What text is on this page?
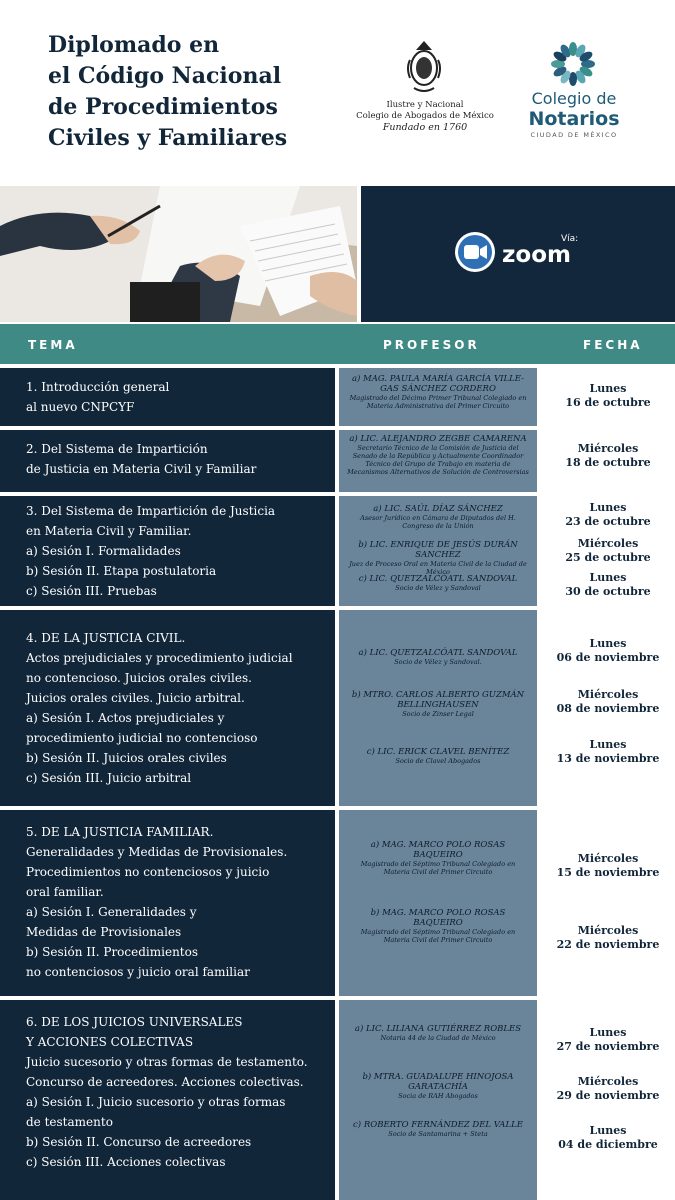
Diplomado en
el Código Nacional
de Procedimientos
Civiles y Familiares
Ilustre y Nacional
Colegio de Abogados de México
Fundado en 1760
Colegio de
Notarios
CIUDAD DE MÉXICO
Vía:
zoom
TEMA	PROFESOR	FECHA
1. Introducción general
al nuevo CNPCYF
a) MAG. PAULA MARÍA GARCÍA VILLE-GAS SÁNCHEZ CORDERO
Magistrado del Décimo Primer Tribunal Colegiado en Materia Administrativa del Primer Circuito
Lunes
16 de octubre
2. Del Sistema de Impartición
de Justicia en Materia Civil y Familiar
a) LIC. ALEJANDRO ZEGBE CAMARENA
Secretario Técnico de la Comisión de Justicia del Senado de la República y Actualmente Coordinador Técnico del Grupo de Trabajo en materia de Mecanismos Alternativos de Solución de Controversias
Miércoles
18 de octubre
3. Del Sistema de Impartición de Justicia
en Materia Civil y Familiar.
a) Sesión I. Formalidades
b) Sesión II. Etapa postulatoria
c) Sesión III. Pruebas
a) LIC. SAÚL DÍAZ SÁNCHEZ
Asesor Jurídico en Cámara de Diputados del H. Congreso de la Unión
b) LIC. ENRIQUE DE JESÚS DURÁN SANCHEZ
Juez de Proceso Oral en Materia Civil de la Ciudad de México
c) LIC. QUETZALCÓATL SANDOVAL
Socio de Vélez y Sandoval
Lunes
23 de octubre
Miércoles
25 de octubre
Lunes
30 de octubre
4. DE LA JUSTICIA CIVIL.
Actos prejudiciales y procedimiento judicial
no contencioso. Juicios orales civiles.
Juicios orales civiles. Juicio arbitral.
a) Sesión I. Actos prejudiciales y
procedimiento judicial no contencioso
b) Sesión II. Juicios orales civiles
c) Sesión III. Juicio arbitral
a) LIC. QUETZALCÓATL SANDOVAL
Socio de Vélez y Sandoval.
b) MTRO. CARLOS ALBERTO GUZMÁN BELLINGHAUSEN
Socio de Zinser Legal
c) LIC. ERICK CLAVEL BENÍTEZ
Socio de Clavel Abogados
Lunes
06 de noviembre
Miércoles
08 de noviembre
Lunes
13 de noviembre
5. DE LA JUSTICIA FAMILIAR.
Generalidades y Medidas de Provisionales.
Procedimientos no contenciosos y juicio
oral familiar.
a) Sesión I. Generalidades y
Medidas de Provisionales
b) Sesión II. Procedimientos
no contenciosos y juicio oral familiar
a) MAG. MARCO POLO ROSAS BAQUEIRO
Magistrado del Séptimo Tribunal Colegiado en Materia Civil del Primer Circuito
b) MAG. MARCO POLO ROSAS BAQUEIRO
Magistrado del Séptimo Tribunal Colegiado en Materia Civil del Primer Circuito
Miércoles
15 de noviembre
Miércoles
22 de noviembre
6. DE LOS JUICIOS UNIVERSALES
Y ACCIONES COLECTIVAS
Juicio sucesorio y otras formas de testamento.
Concurso de acreedores. Acciones colectivas.
a) Sesión I. Juicio sucesorio y otras formas
de testamento
b) Sesión II. Concurso de acreedores
c) Sesión III. Acciones colectivas
a) LIC. LILIANA GUTIÉRREZ ROBLES
Notaria 44 de la Ciudad de México
b) MTRA. GUADALUPE HINOJOSA GARATACHÍA
Socia de RAH Abogados
c) ROBERTO FERNÁNDEZ DEL VALLE
Socio de Santamarina + Steta
Lunes
27 de noviembre
Miércoles
29 de noviembre
Lunes
04 de diciembre
